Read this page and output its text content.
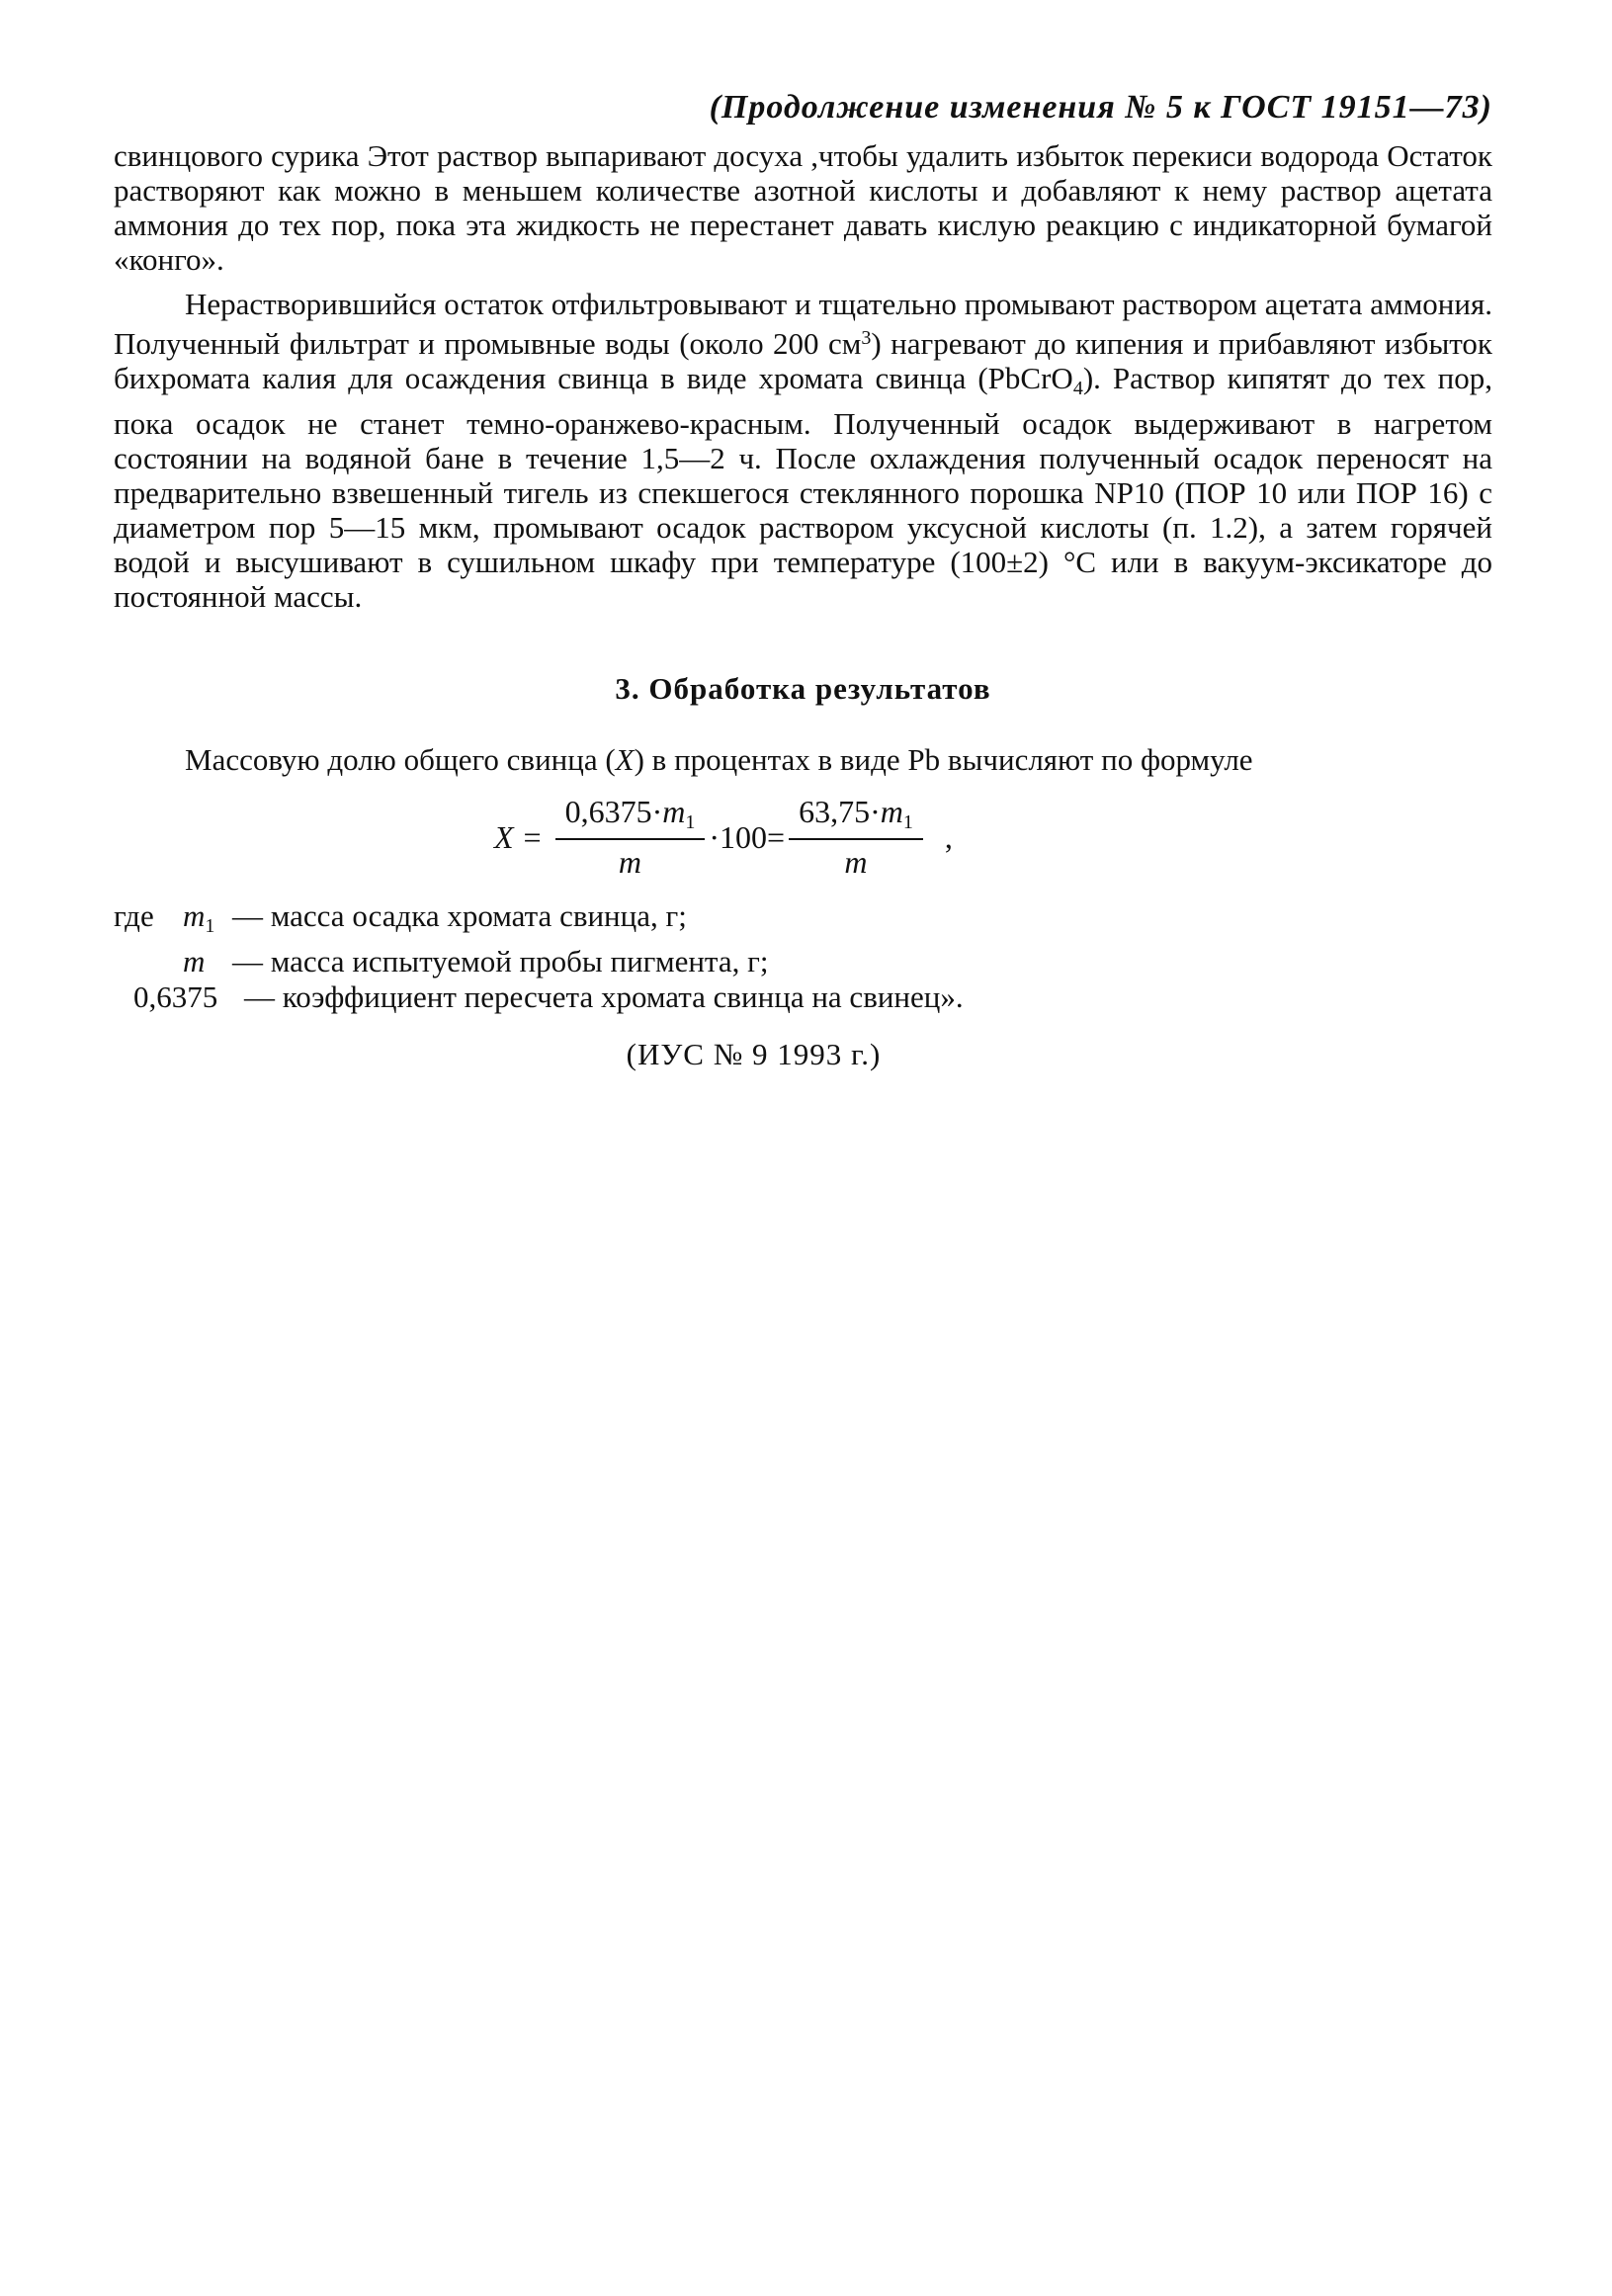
(Продолжение изменения № 5 к ГОСТ 19151—73)

свинцового сурика Этот раствор выпаривают досуха ,чтобы удалить избыток перекиси водорода Остаток растворяют как можно в меньшем количестве азотной кислоты и добавляют к нему раствор ацетата аммония до тех пор, пока эта жидкость не перестанет давать кислую реакцию с индикаторной бумагой «конго».

Нерастворившийся остаток отфильтровывают и тщательно промывают раствором ацетата аммония. Полученный фильтрат и промывные воды (около 200 $см^3$) нагревают до кипения и прибавляют избыток бихромата калия для осаждения свинца в виде хромата свинца (PbCrO$_4$). Раствор кипятят до тех пор, пока осадок не станет темно-оранжево-красным. Полученный осадок выдерживают в нагретом состоянии на водяной бане в течение 1,5—2 ч. После охлаждения полученный осадок переносят на предварительно взвешенный тигель из спекшегося стеклянного порошка NP10 (ПОР 10 или ПОР 16) с диаметром пор 5—15 мкм, промывают осадок раствором уксусной кислоты (п. 1.2), а затем горячей водой и высушивают в сушильном шкафу при температуре (100±2) °С или в вакуум-эксикаторе до постоянной массы.

3. Обработка результатов

Массовую долю общего свинца (X) в процентах в виде Pb вычисляют по формуле

$X = \frac{0,6375\cdot m_1}{m} \cdot 100= \frac{63,75\cdot m_1}{m}$ ,
где $m_1$ — масса осадка хромата свинца, г;
m — масса испытуемой пробы пигмента, г;
0,6375 — коэффициент пересчета хромата свинца на свинец».
(ИУС № 9 1993 г.)
